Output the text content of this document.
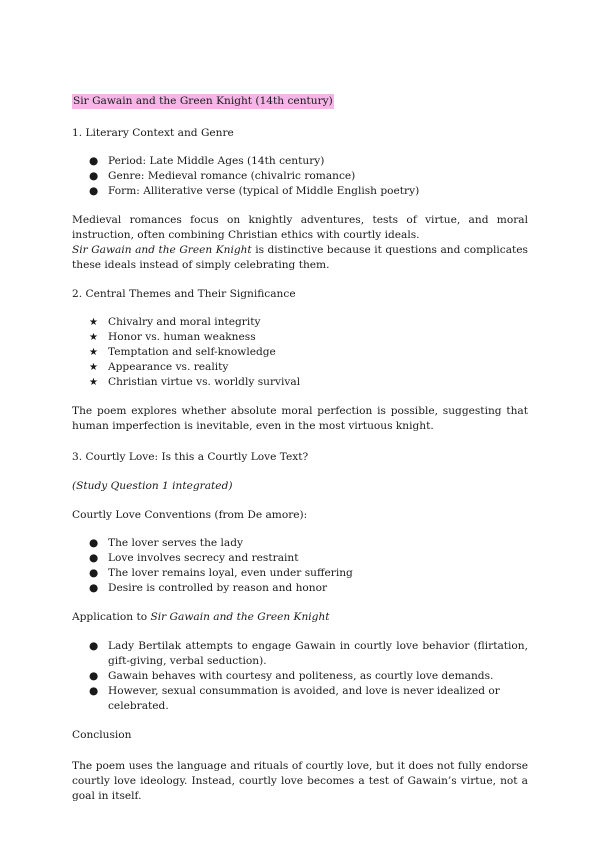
Sir Gawain and the Green Knight (14th century)

1. Literary Context and Genre

● Period: Late Middle Ages (14th century)
● Genre: Medieval romance (chivalric romance)
● Form: Alliterative verse (typical of Middle English poetry)

Medieval romances focus on knightly adventures, tests of virtue, and moral instruction, often combining Christian ethics with courtly ideals.

Sir Gawain and the Green Knight is distinctive because it questions and complicates these ideals instead of simply celebrating them.

2. Central Themes and Their Significance

★ Chivalry and moral integrity
★ Honor vs. human weakness
★ Temptation and self-knowledge
★ Appearance vs. reality
★ Christian virtue vs. worldly survival

The poem explores whether absolute moral perfection is possible, suggesting that human imperfection is inevitable, even in the most virtuous knight.

3. Courtly Love: Is this a Courtly Love Text?

(Study Question 1 integrated)

Courtly Love Conventions (from De amore):

● The lover serves the lady
● Love involves secrecy and restraint
● The lover remains loyal, even under suffering
● Desire is controlled by reason and honor

Application to Sir Gawain and the Green Knight

● Lady Bertilak attempts to engage Gawain in courtly love behavior (flirtation, gift-giving, verbal seduction).
● Gawain behaves with courtesy and politeness, as courtly love demands.
● However, sexual consummation is avoided, and love is never idealized or celebrated.

Conclusion

The poem uses the language and rituals of courtly love, but it does not fully endorse courtly love ideology. Instead, courtly love becomes a test of Gawain’s virtue, not a goal in itself.
